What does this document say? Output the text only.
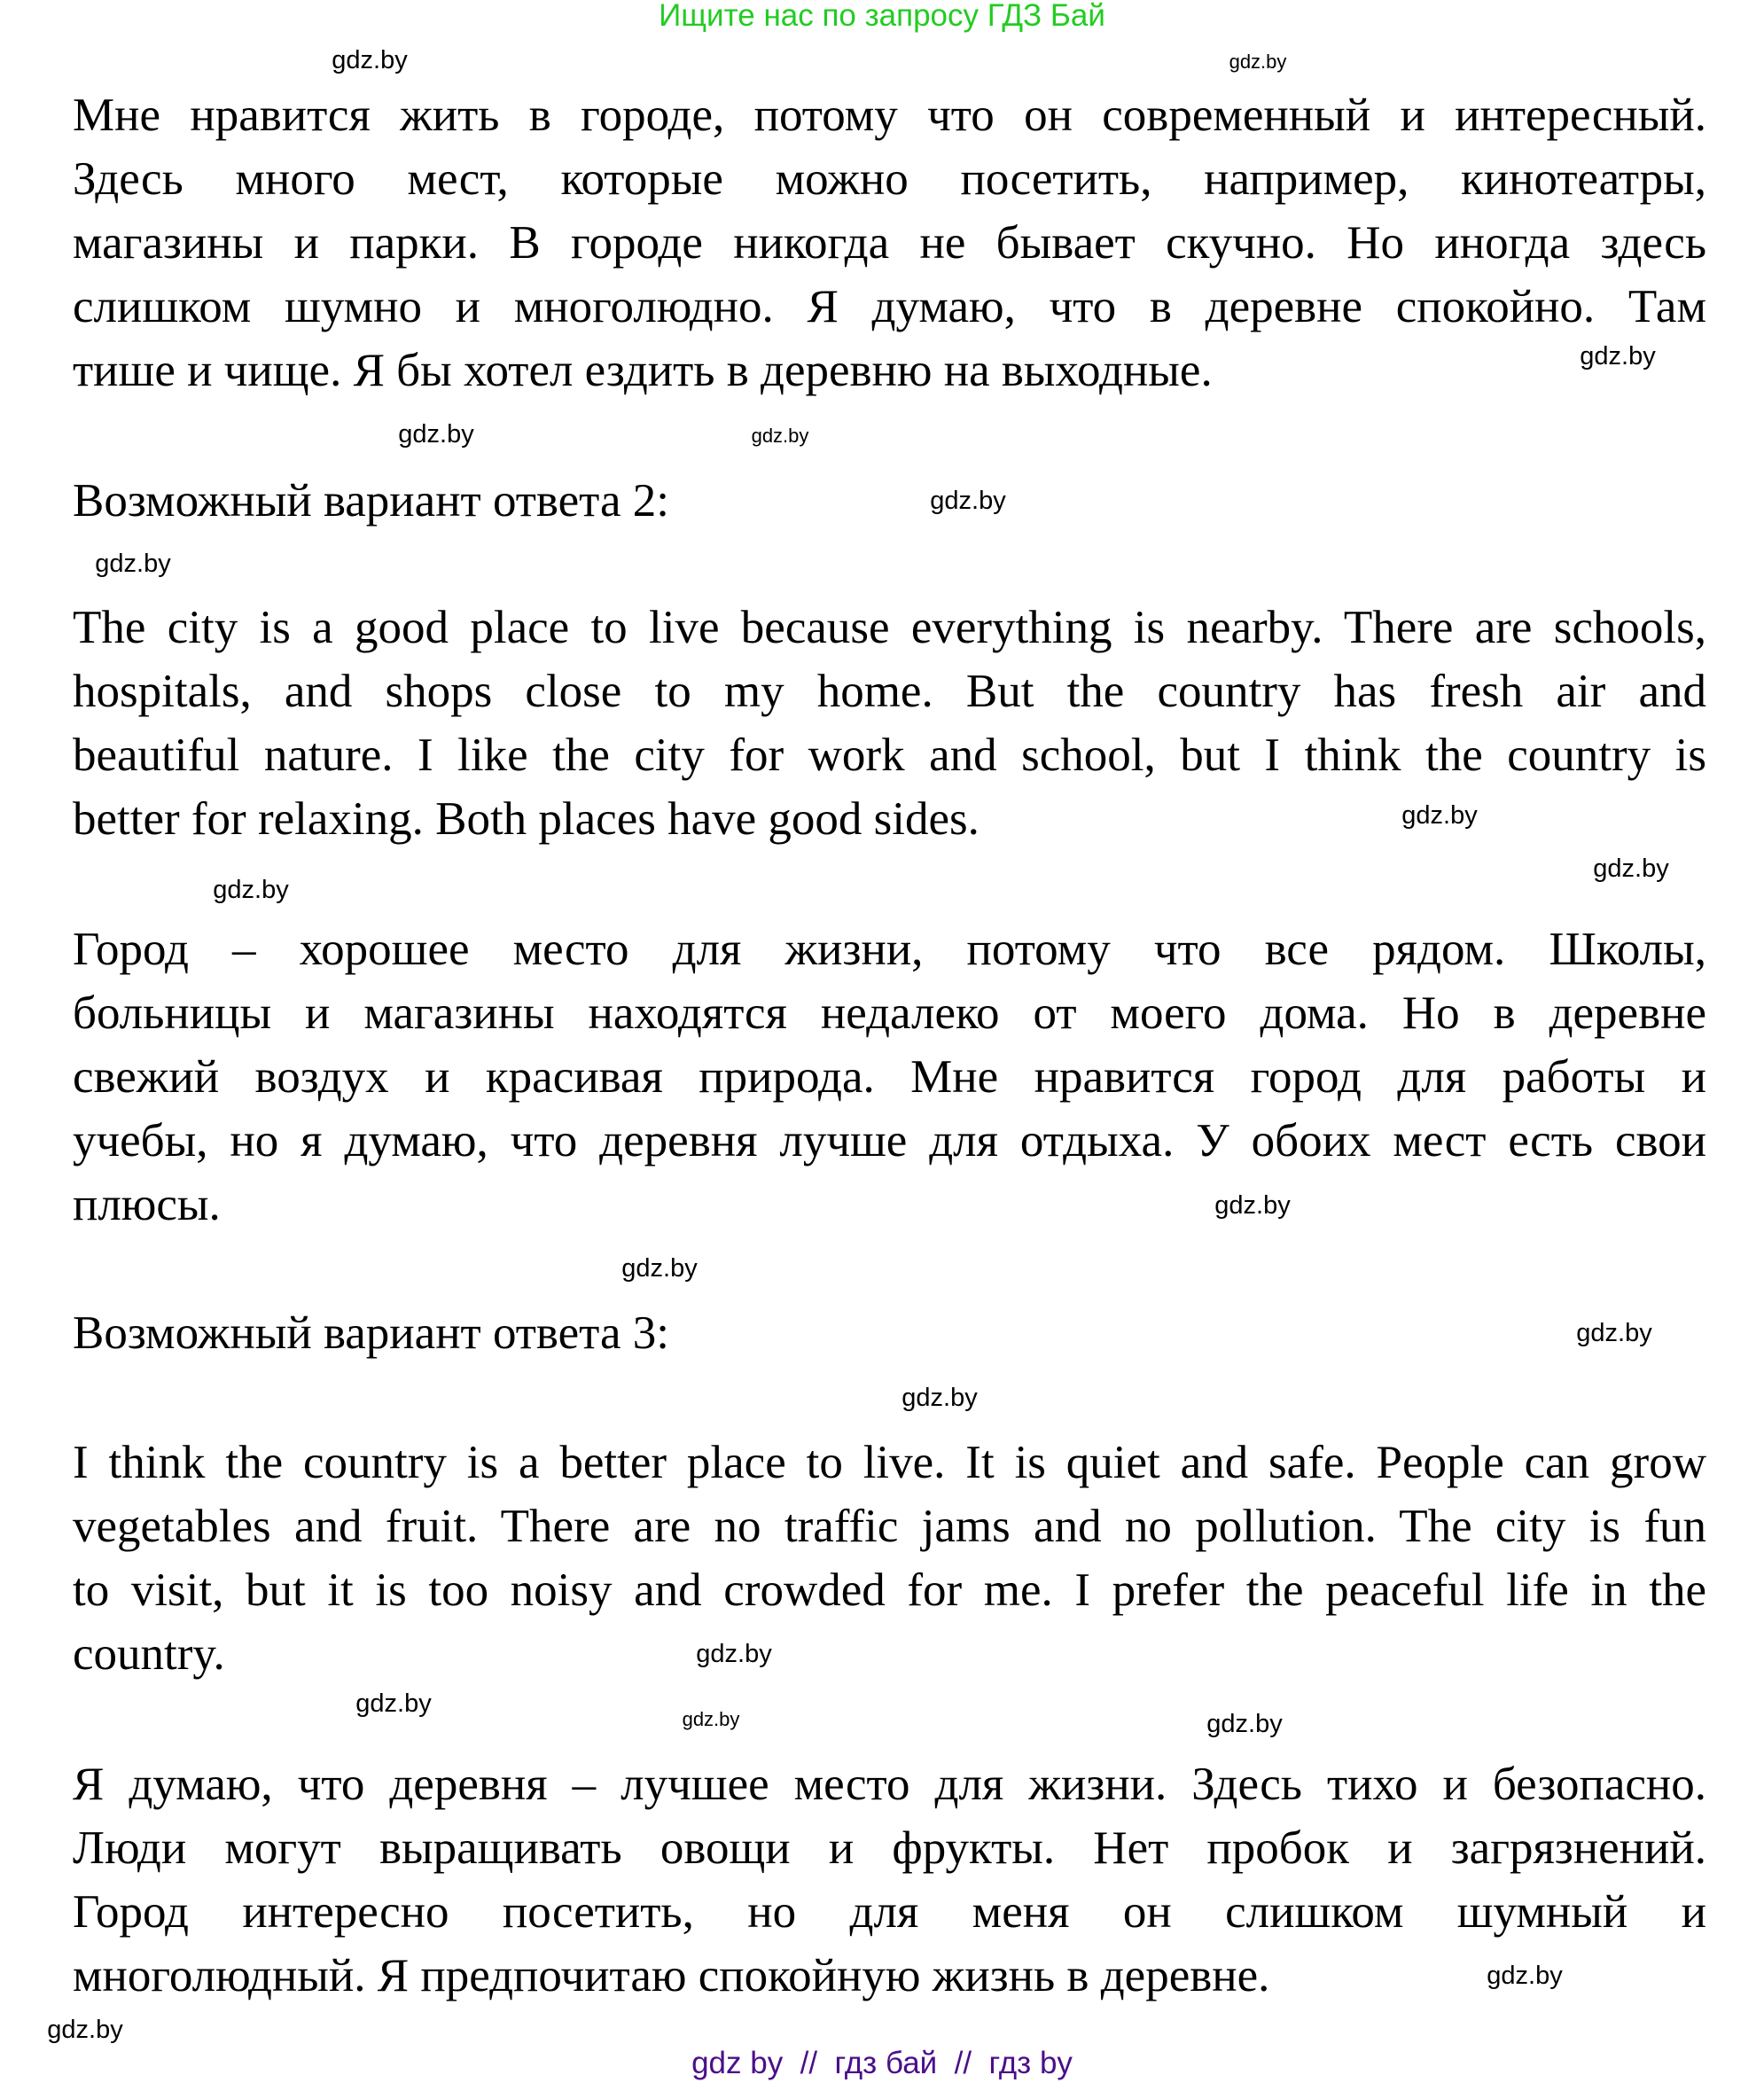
Ищите нас по запросу ГДЗ Бай
Мне нравится жить в городе, потому что он современный и интересный.
Здесь много мест, которые можно посетить, например, кинотеатры,
магазины и парки. В городе никогда не бывает скучно. Но иногда здесь
слишком шумно и многолюдно. Я думаю, что в деревне спокойно. Там
тише и чище. Я бы хотел ездить в деревню на выходные.
Возможный вариант ответа 2:
The city is a good place to live because everything is nearby. There are schools,
hospitals, and shops close to my home. But the country has fresh air and
beautiful nature. I like the city for work and school, but I think the country is
better for relaxing. Both places have good sides.
Город – хорошее место для жизни, потому что все рядом. Школы,
больницы и магазины находятся недалеко от моего дома. Но в деревне
свежий воздух и красивая природа. Мне нравится город для работы и
учебы, но я думаю, что деревня лучше для отдыха. У обоих мест есть свои
плюсы.
Возможный вариант ответа 3:
I think the country is a better place to live. It is quiet and safe. People can grow
vegetables and fruit. There are no traffic jams and no pollution. The city is fun
to visit, but it is too noisy and crowded for me. I prefer the peaceful life in the
country.
Я думаю, что деревня – лучшее место для жизни. Здесь тихо и безопасно.
Люди могут выращивать овощи и фрукты. Нет пробок и загрязнений.
Город интересно посетить, но для меня он слишком шумный и
многолюдный. Я предпочитаю спокойную жизнь в деревне.
gdz.by	gdz.by
gdz.by
gdz.by
gdz.by
gdz.by
gdz.by
gdz.by
gdz.by
gdz.by
gdz.by
gdz.by
gdz.by
gdz.by
gdz.by
gdz.by
gdz.by
gdz.by
gdz.by
gdz.by
gdz by  //  гдз бай  //  гдз by
